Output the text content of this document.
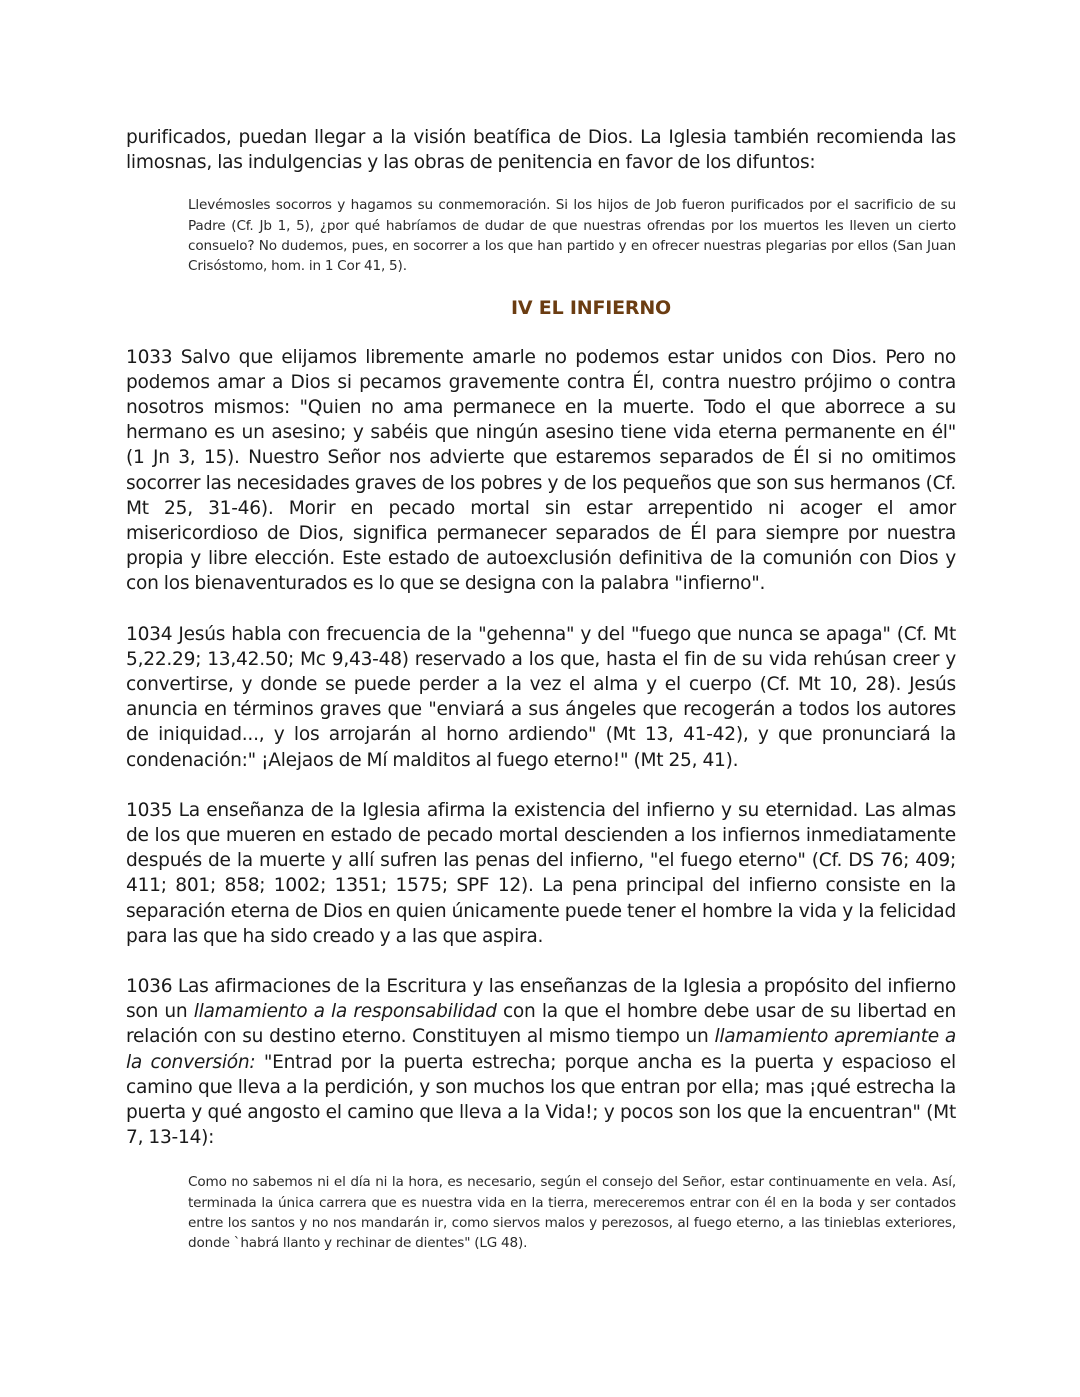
purificados, puedan llegar a la visión beatífica de Dios. La Iglesia también recomienda las limosnas, las indulgencias y las obras de penitencia en favor de los difuntos:

Llevémosles socorros y hagamos su conmemoración. Si los hijos de Job fueron purificados por el sacrificio de su Padre (Cf. Jb 1, 5), ¿por qué habríamos de dudar de que nuestras ofrendas por los muertos les lleven un cierto consuelo? No dudemos, pues, en socorrer a los que han partido y en ofrecer nuestras plegarias por ellos (San Juan Crisóstomo, hom. in 1 Cor 41, 5).

IV EL INFIERNO

1033 Salvo que elijamos libremente amarle no podemos estar unidos con Dios. Pero no podemos amar a Dios si pecamos gravemente contra Él, contra nuestro prójimo o contra nosotros mismos: "Quien no ama permanece en la muerte. Todo el que aborrece a su hermano es un asesino; y sabéis que ningún asesino tiene vida eterna permanente en él" (1 Jn 3, 15). Nuestro Señor nos advierte que estaremos separados de Él si no omitimos socorrer las necesidades graves de los pobres y de los pequeños que son sus hermanos (Cf. Mt 25, 31-46). Morir en pecado mortal sin estar arrepentido ni acoger el amor misericordioso de Dios, significa permanecer separados de Él para siempre por nuestra propia y libre elección. Este estado de autoexclusión definitiva de la comunión con Dios y con los bienaventurados es lo que se designa con la palabra "infierno".

1034 Jesús habla con frecuencia de la "gehenna" y del "fuego que nunca se apaga" (Cf. Mt 5,22.29; 13,42.50; Mc 9,43-48) reservado a los que, hasta el fin de su vida rehúsan creer y convertirse, y donde se puede perder a la vez el alma y el cuerpo (Cf. Mt 10, 28). Jesús anuncia en términos graves que "enviará a sus ángeles que recogerán a todos los autores de iniquidad..., y los arrojarán al horno ardiendo" (Mt 13, 41-42), y que pronunciará la condenación:" ¡Alejaos de Mí malditos al fuego eterno!" (Mt 25, 41).

1035 La enseñanza de la Iglesia afirma la existencia del infierno y su eternidad. Las almas de los que mueren en estado de pecado mortal descienden a los infiernos inmediatamente después de la muerte y allí sufren las penas del infierno, "el fuego eterno" (Cf. DS 76; 409; 411; 801; 858; 1002; 1351; 1575; SPF 12). La pena principal del infierno consiste en la separación eterna de Dios en quien únicamente puede tener el hombre la vida y la felicidad para las que ha sido creado y a las que aspira.

1036 Las afirmaciones de la Escritura y las enseñanzas de la Iglesia a propósito del infierno son un llamamiento a la responsabilidad con la que el hombre debe usar de su libertad en relación con su destino eterno. Constituyen al mismo tiempo un llamamiento apremiante a la conversión: "Entrad por la puerta estrecha; porque ancha es la puerta y espacioso el camino que lleva a la perdición, y son muchos los que entran por ella; mas ¡qué estrecha la puerta y qué angosto el camino que lleva a la Vida!; y pocos son los que la encuentran" (Mt 7, 13-14):

Como no sabemos ni el día ni la hora, es necesario, según el consejo del Señor, estar continuamente en vela. Así, terminada la única carrera que es nuestra vida en la tierra, mereceremos entrar con él en la boda y ser contados entre los santos y no nos mandarán ir, como siervos malos y perezosos, al fuego eterno, a las tinieblas exteriores, donde `habrá llanto y rechinar de dientes" (LG 48).
